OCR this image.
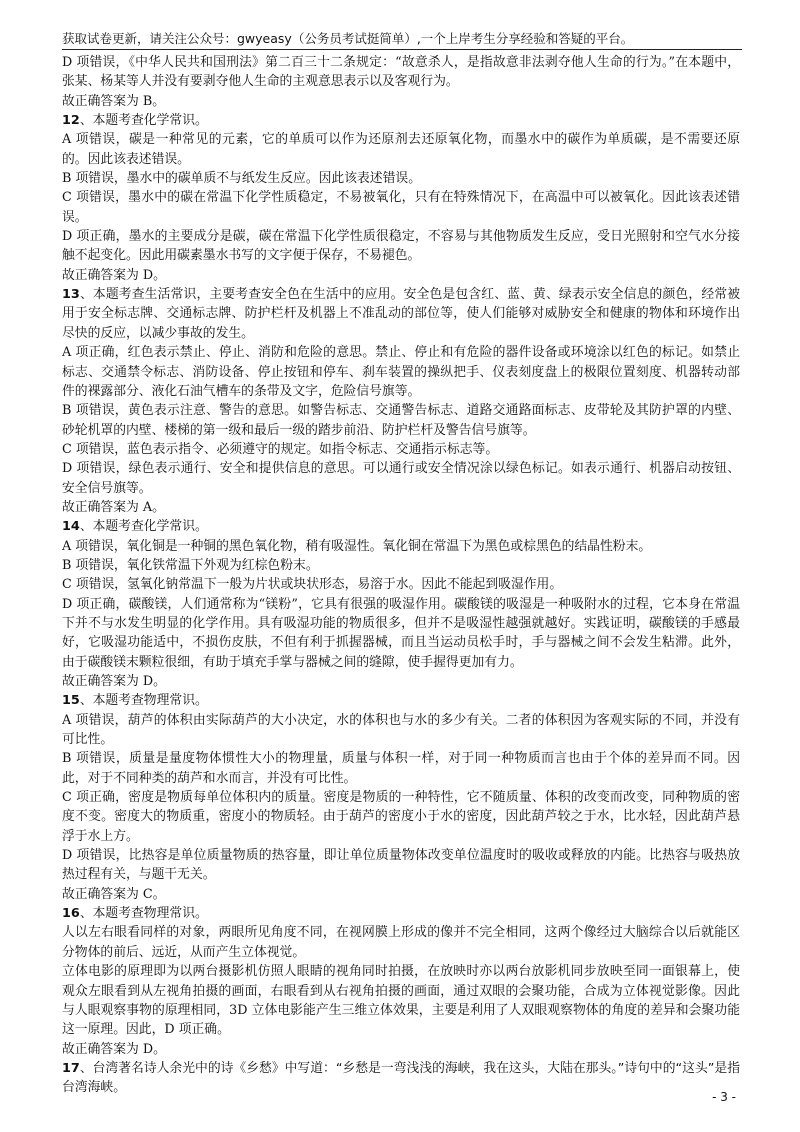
获取试卷更新，请关注公众号：gwyeasy（公务员考试挺简单）,一个上岸考生分享经验和答疑的平台。

D 项错误，《中华人民共和国刑法》第二百三十二条规定：“故意杀人，是指故意非法剥夺他人生命的行为。”在本题中，张某、杨某等人并没有要剥夺他人生命的主观意思表示以及客观行为。

故正确答案为 B。

12、本题考查化学常识。

A 项错误，碳是一种常见的元素，它的单质可以作为还原剂去还原氧化物，而墨水中的碳作为单质碳，是不需要还原的。因此该表述错误。

B 项错误，墨水中的碳单质不与纸发生反应。因此该表述错误。

C 项错误，墨水中的碳在常温下化学性质稳定，不易被氧化，只有在特殊情况下，在高温中可以被氧化。因此该表述错误。

D 项正确，墨水的主要成分是碳，碳在常温下化学性质很稳定，不容易与其他物质发生反应，受日光照射和空气水分接触不起变化。因此用碳素墨水书写的文字便于保存，不易褪色。

故正确答案为 D。

13、本题考查生活常识，主要考查安全色在生活中的应用。安全色是包含红、蓝、黄、绿表示安全信息的颜色，经常被用于安全标志牌、交通标志牌、防护栏杆及机器上不准乱动的部位等，使人们能够对威胁安全和健康的物体和环境作出尽快的反应，以减少事故的发生。

A 项正确，红色表示禁止、停止、消防和危险的意思。禁止、停止和有危险的器件设备或环境涂以红色的标记。如禁止标志、交通禁令标志、消防设备、停止按钮和停车、刹车装置的操纵把手、仪表刻度盘上的极限位置刻度、机器转动部件的裸露部分、液化石油气槽车的条带及文字，危险信号旗等。

B 项错误，黄色表示注意、警告的意思。如警告标志、交通警告标志、道路交通路面标志、皮带轮及其防护罩的内壁、砂轮机罩的内壁、楼梯的第一级和最后一级的踏步前沿、防护栏杆及警告信号旗等。

C 项错误，蓝色表示指令、必须遵守的规定。如指令标志、交通指示标志等。

D 项错误，绿色表示通行、安全和提供信息的意思。可以通行或安全情况涂以绿色标记。如表示通行、机器启动按钮、安全信号旗等。

故正确答案为 A。

14、本题考查化学常识。

A 项错误，氧化铜是一种铜的黑色氧化物，稍有吸湿性。氧化铜在常温下为黑色或棕黑色的结晶性粉末。

B 项错误，氧化铁常温下外观为红棕色粉末。

C 项错误，氢氧化钠常温下一般为片状或块状形态，易溶于水。因此不能起到吸湿作用。

D 项正确，碳酸镁，人们通常称为“镁粉”，它具有很强的吸湿作用。碳酸镁的吸湿是一种吸附水的过程，它本身在常温下并不与水发生明显的化学作用。具有吸湿功能的物质很多，但并不是吸湿性越强就越好。实践证明，碳酸镁的手感最好，它吸湿功能适中，不损伤皮肤，不但有利于抓握器械，而且当运动员松手时，手与器械之间不会发生粘滞。此外，由于碳酸镁末颗粒很细，有助于填充手掌与器械之间的缝隙，使手握得更加有力。

故正确答案为 D。

15、本题考查物理常识。

A 项错误，葫芦的体积由实际葫芦的大小决定，水的体积也与水的多少有关。二者的体积因为客观实际的不同，并没有可比性。

B 项错误，质量是量度物体惯性大小的物理量，质量与体积一样，对于同一种物质而言也由于个体的差异而不同。因此，对于不同种类的葫芦和水而言，并没有可比性。

C 项正确，密度是物质每单位体积内的质量。密度是物质的一种特性，它不随质量、体积的改变而改变，同种物质的密度不变。密度大的物质重，密度小的物质轻。由于葫芦的密度小于水的密度，因此葫芦较之于水，比水轻，因此葫芦悬浮于水上方。

D 项错误，比热容是单位质量物质的热容量，即让单位质量物体改变单位温度时的吸收或释放的内能。比热容与吸热放热过程有关，与题干无关。

故正确答案为 C。

16、本题考查物理常识。

人以左右眼看同样的对象，两眼所见角度不同，在视网膜上形成的像并不完全相同，这两个像经过大脑综合以后就能区分物体的前后、远近，从而产生立体视觉。

立体电影的原理即为以两台摄影机仿照人眼睛的视角同时拍摄，在放映时亦以两台放影机同步放映至同一面银幕上，使观众左眼看到从左视角拍摄的画面，右眼看到从右视角拍摄的画面，通过双眼的会聚功能，合成为立体视觉影像。因此与人眼观察事物的原理相同，3D 立体电影能产生三维立体效果，主要是利用了人双眼观察物体的角度的差异和会聚功能这一原理。因此，D 项正确。

故正确答案为 D。

17、台湾著名诗人余光中的诗《乡愁》中写道：“乡愁是一弯浅浅的海峡，我在这头，大陆在那头。”诗句中的“这头”是指台湾海峡。

- 3 -
